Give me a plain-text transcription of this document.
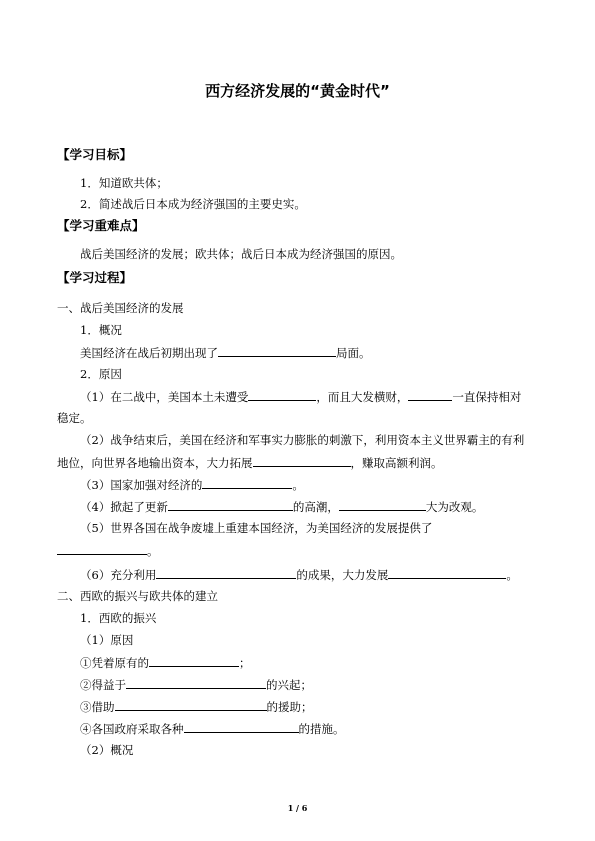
西方经济发展的“黄金时代”
【学习目标】
1．知道欧共体；
2．简述战后日本成为经济强国的主要史实。
【学习重难点】
战后美国经济的发展；欧共体；战后日本成为经济强国的原因。
【学习过程】
一、战后美国经济的发展
1．概况
美国经济在战后初期出现了	局面。
2．原因
（1）在二战中，美国本土未遭受	，而且大发横财，	一直保持相对
稳定。
（2）战争结束后，美国在经济和军事实力膨胀的刺激下，利用资本主义世界霸主的有利
地位，向世界各地输出资本，大力拓展	，赚取高额利润。
（3）国家加强对经济的	。
（4）掀起了更新	的高潮，	大为改观。
（5）世界各国在战争废墟上重建本国经济，为美国经济的发展提供了
。
（6）充分利用	的成果，大力发展	。
二、西欧的振兴与欧共体的建立
1．西欧的振兴
（1）原因
①凭着原有的	；
②得益于	的兴起；
③借助	的援助；
④各国政府采取各种	的措施。
（2）概况
1 / 6
